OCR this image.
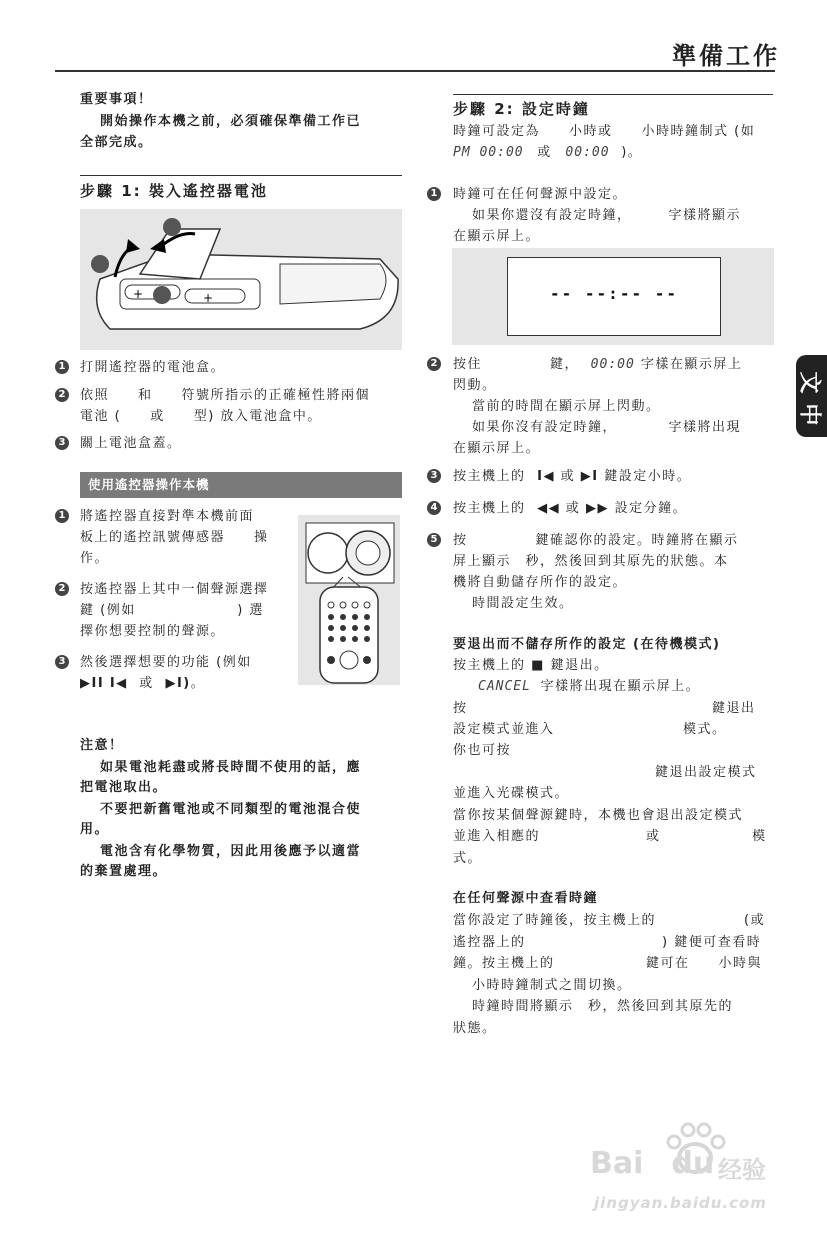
準備工作
文
中
重要事項！
開始操作本機之前，必須確保準備工作已
全部完成。
步驟 1: 裝入遙控器電池
+	+
1 打開遙控器的電池盒。
2 依照　　和　　符號所指示的正確極性將兩個
電池 (　　或　　型) 放入電池盒中。
3 關上電池盒蓋。
使用遙控器操作本機
1 將遙控器直接對準本機前面
板上的遙控訊號傳感器　　操
作。
2 按遙控器上其中一個聲源選擇
鍵 (例如　　　　　　　) 選
擇你想要控制的聲源。
3 然後選擇想要的功能 (例如
▶II I◀ 或 ▶I)。
注意！
如果電池耗盡或將長時間不使用的話，應
把電池取出。
不要把新舊電池或不同類型的電池混合使
用。
電池含有化學物質，因此用後應予以適當
的棄置處理。
步驟 2: 設定時鐘
時鐘可設定為　　小時或　　小時時鐘制式 (如
PM 00:00 或 00:00 )。
1 時鐘可在任何聲源中設定。
如果你還沒有設定時鐘，　　　字樣將顯示
在顯示屏上。
-- --:-- --
2 按住	鍵， 00:00 字樣在顯示屏上
閃動。
當前的時間在顯示屏上閃動。
如果你沒有設定時鐘，　　　　字樣將出現
在顯示屏上。
3 按主機上的 I◀ 或 ▶I 鍵設定小時。
4 按主機上的 ◀◀ 或 ▶▶ 設定分鐘。
5 按	鍵確認你的設定。時鐘將在顯示
屏上顯示　秒，然後回到其原先的狀態。本
機將自動儲存所作的設定。
時間設定生效。
要退出而不儲存所作的設定 (在待機模式)
按主機上的 ■ 鍵退出。
CANCEL 字樣將出現在顯示屏上。
按	鍵退出
設定模式並進入	模式。
你也可按
鍵退出設定模式
並進入光碟模式。
當你按某個聲源鍵時，本機也會退出設定模式
並進入相應的	或	模
式。
在任何聲源中查看時鐘
當你設定了時鐘後，按主機上的	(或
遙控器上的	) 鍵便可查看時
鐘。按主機上的	鍵可在　　小時與
小時時鐘制式之間切換。
時鐘時間將顯示　秒，然後回到其原先的
狀態。
Bai du 经验
jingyan.baidu.com
